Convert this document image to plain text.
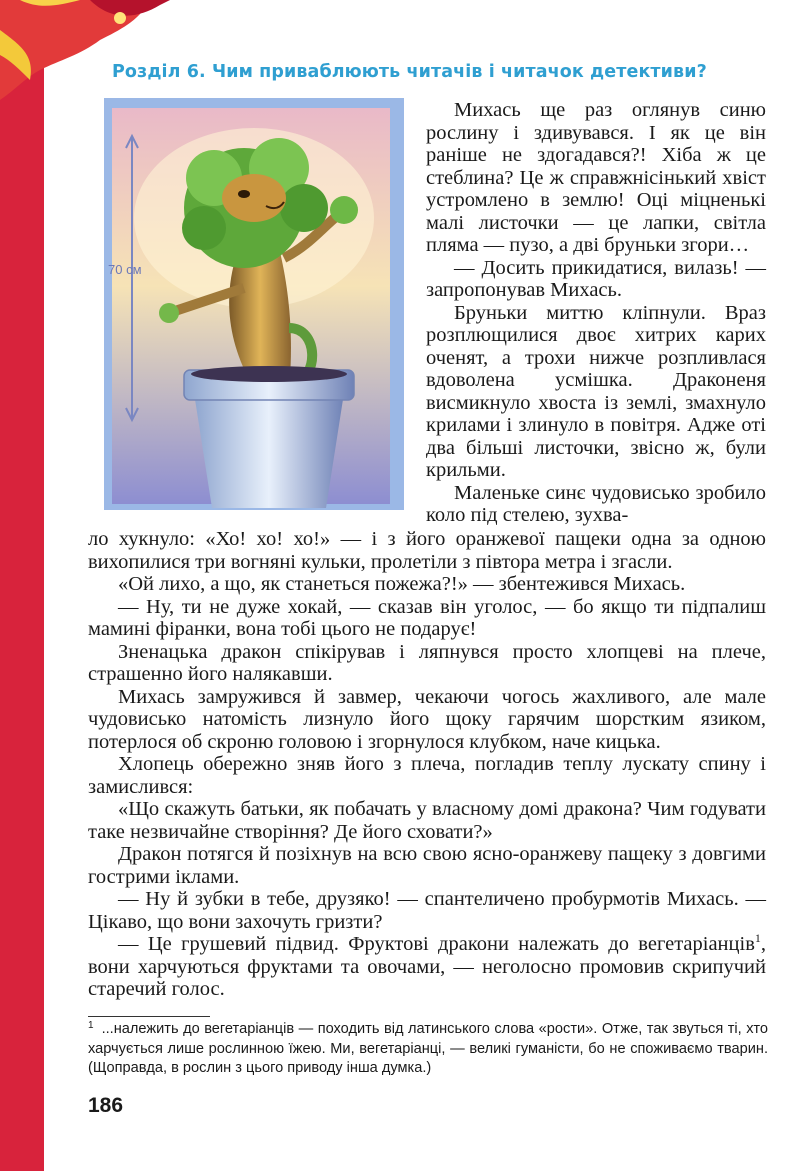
Розділ 6. Чим приваблюють читачів і читачок детективи?
70 см

Михась ще раз оглянув синю рослину і здивувався. І як це він раніше не здогадався?! Хіба ж це стеблина? Це ж справжнісінький хвіст устромлено в землю! Оці міцненькі малі листочки — це лапки, світла пляма — пузо, а дві бруньки згори…

— Досить прикидатися, вилазь! — запропонував Михась.

Бруньки миттю кліпнули. Враз розплющилися двоє хитрих карих оченят, а трохи нижче розпливлася вдоволена усмішка. Драконеня висмикнуло хвоста із землі, змахнуло крилами і злинуло в повітря. Адже оті два більші листочки, звісно ж, були крильми.

Маленьке синє чудовисько зробило коло під стелею, зухва-

ло хукнуло: «Хо! хо! хо!» — і з його оранжевої пащеки одна за одною вихопилися три вогняні кульки, пролетіли з півтора метра і згасли.

«Ой лихо, а що, як станеться пожежа?!» — збентежився Михась.

— Ну, ти не дуже хокай, — сказав він уголос, — бо якщо ти підпалиш мамині фіранки, вона тобі цього не подарує!

Зненацька дракон спікірував і ляпнувся просто хлопцеві на плече, страшенно його налякавши.

Михась замружився й завмер, чекаючи чогось жахливого, але мале чудовисько натомість лизнуло його щоку гарячим шорстким язиком, потерлося об скроню головою і згорнулося клубком, наче кицька.

Хлопець обережно зняв його з плеча, погладив теплу лускату спину і замислився:

«Що скажуть батьки, як побачать у власному домі дракона? Чим годувати таке незвичайне створіння? Де його сховати?»

Дракон потягся й позіхнув на всю свою ясно-оранжеву пащеку з довгими гострими іклами.

— Ну й зубки в тебе, друзяко! — спантеличено пробурмотів Михась. — Цікаво, що вони захочуть гризти?

— Це грушевий підвид. Фруктові дракони належать до вегетаріанців$^1$, вони харчуються фруктами та овочами, — неголосно промовив скрипучий старечий голос.

$^1$ ...належить до вегетаріанців — походить від латинського слова «рости». Отже, так звуться ті, хто харчується лише рослинною їжею. Ми, вегетаріанці, — великі гуманісти, бо не споживаємо тварин. (Щоправда, в рослин з цього приводу інша думка.)
186
